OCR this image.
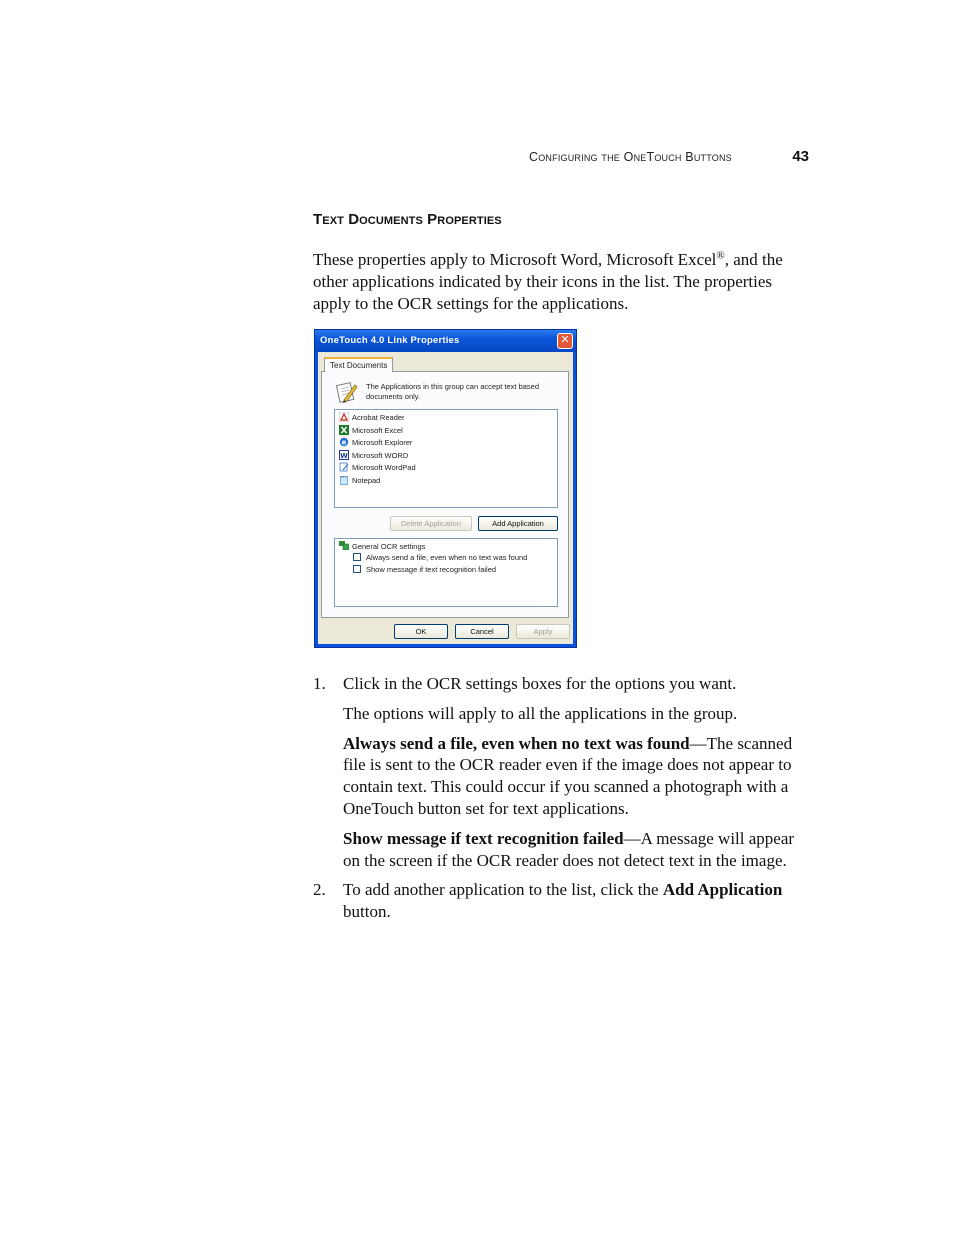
Configuring the OneTouch Buttons	43
Text Documents Properties
These properties apply to Microsoft Word, Microsoft Excel®, and the other applications indicated by their icons in the list. The properties apply to the OCR settings for the applications.
OneTouch 4.0 Link Properties	✕
Text Documents
The Applications in this group can accept text based documents only.
Acrobat Reader
Microsoft Excel
e Microsoft Explorer
W Microsoft WORD
Microsoft WordPad
Notepad
Delete Application	Add Application
General OCR settings
Always send a file, even when no text was found
Show message if text recognition failed
OK	Cancel	Apply
1. Click in the OCR settings boxes for the options you want.

The options will apply to all the applications in the group.

Always send a file, even when no text was found—The scanned file is sent to the OCR reader even if the image does not appear to contain text. This could occur if you scanned a photograph with a OneTouch button set for text applications.

Show message if text recognition failed—A message will appear on the screen if the OCR reader does not detect text in the image.

2. To add another application to the list, click the Add Application button.
